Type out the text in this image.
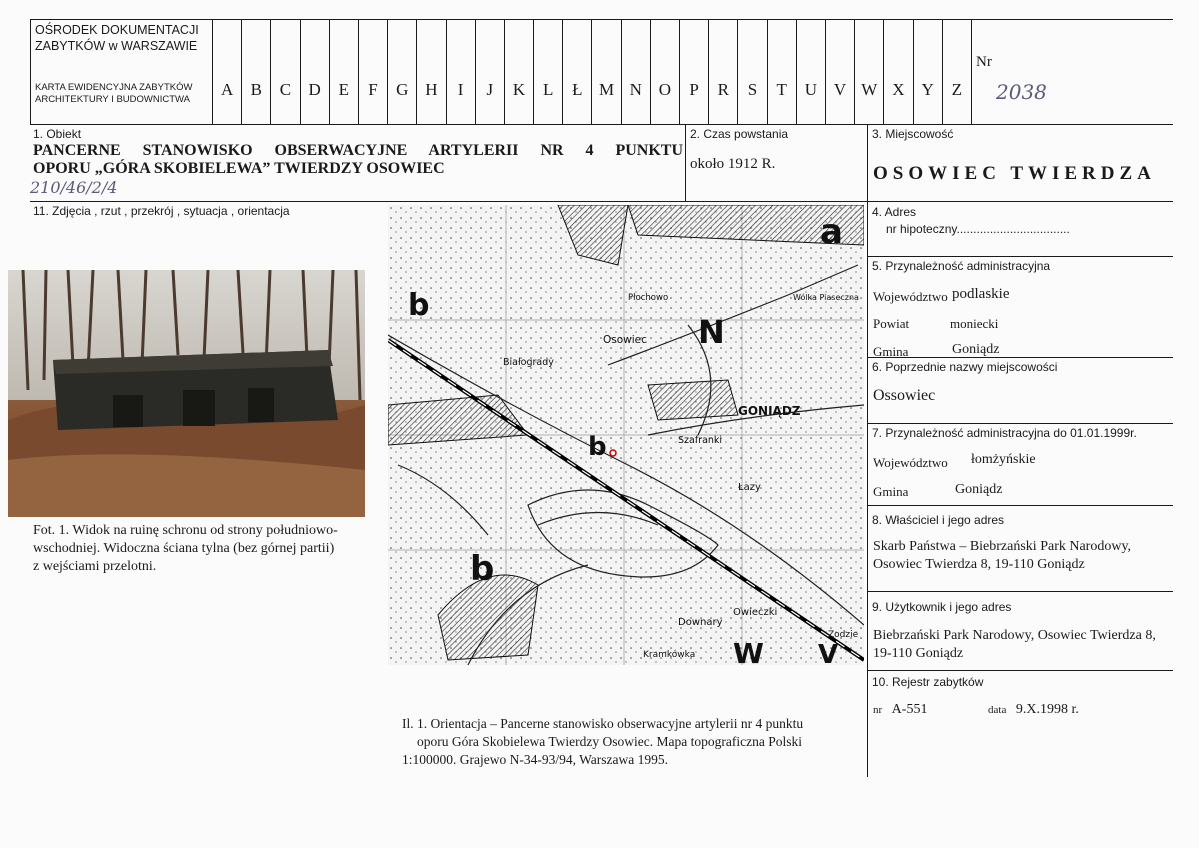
OŚRODEK DOKUMENTACJI
ZABYTKÓW w WARSZAWIE
KARTA EWIDENCYJNA ZABYTKÓW
ARCHITEKTURY I BUDOWNICTWA
A	B	C	D	E	F	G H	I	J	K	L	Ł M N O	P	R	S	T	U V W X Y	Z
Nr
2038
1. Obiekt
PANCERNE STANOWISKO OBSERWACYJNE ARTYLERII NR 4 PUNKTU
OPORU „GÓRA SKOBIELEWA” TWIERDZY OSOWIEC
210/46/2/4
2. Czas powstania
około 1912 R.
3. Miejscowość
OSOWIEC TWIERDZA
11. Zdjęcia , rzut , przekrój , sytuacja , orientacja
Fot. 1. Widok na ruinę schronu od strony południowo-
wschodniej. Widoczna ściana tylna (bez górnej partii)
z wejściami przelotni.
a
b
N
b
b
W V
Osowiec
GONIĄDZ
Szafranki
Łazy
Downary
Białogrady
Owieczki
Płochowo	Wólka Piaseczna
Kramkówka
Zodzie
Il. 1. Orientacja – Pancerne stanowisko obserwacyjne artylerii nr 4 punktu
oporu Góra Skobielewa Twierdzy Osowiec. Mapa topograficzna Polski
1:100000. Grajewo N-34-93/94, Warszawa 1995.
4. Adres
nr hipoteczny..................................
5. Przynależność administracyjna
Województwo podlaskie
Powiat	moniecki
Gmina	Goniądz
6. Poprzednie nazwy miejscowości
Ossowiec
7. Przynależność administracyjna do 01.01.1999r.
Województwo łomżyńskie
Gmina	Goniądz
8. Właściciel i jego adres
Skarb Państwa – Biebrzański Park Narodowy,
Osowiec Twierdza 8, 19-110 Goniądz
9. Użytkownik i jego adres
Biebrzański Park Narodowy, Osowiec Twierdza 8,
19-110 Goniądz
10. Rejestr zabytków
nr A-551	data 9.X.1998 r.
